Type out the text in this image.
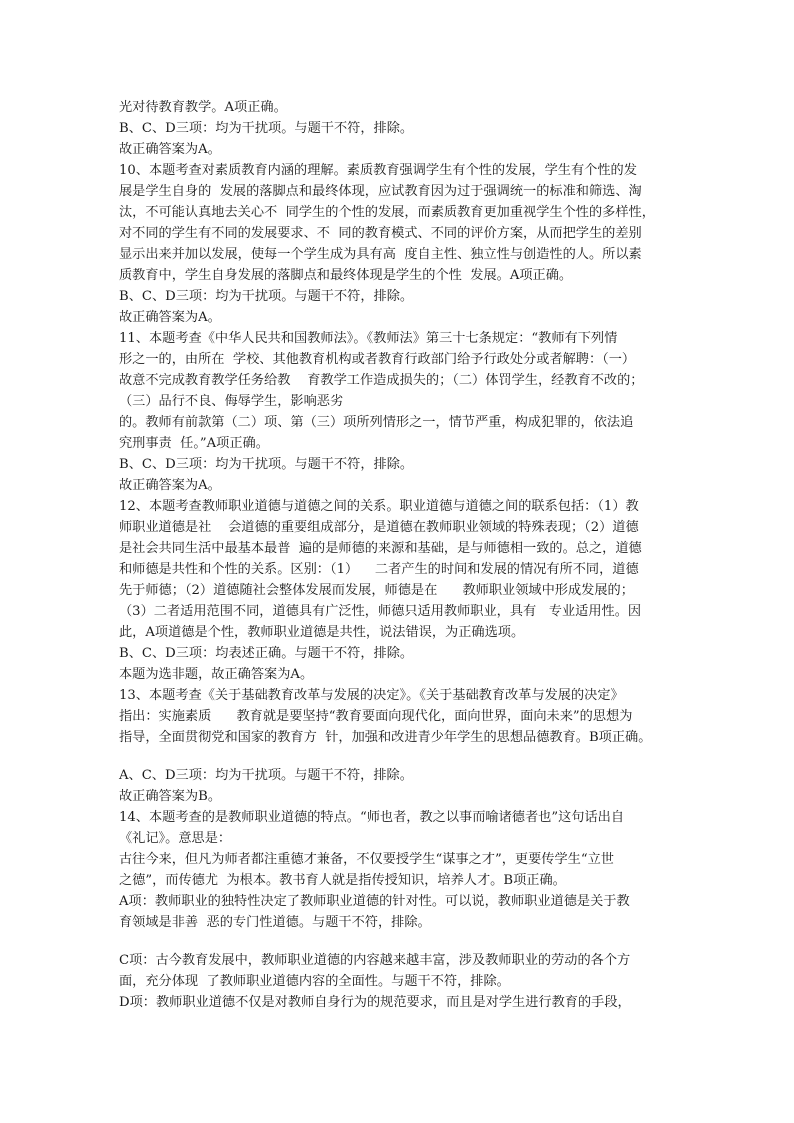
光对待教育教学。A项正确。
B、C、D三项：均为干扰项。与题干不符，排除。
故正确答案为A。
10、本题考查对素质教育内涵的理解。素质教育强调学生有个性的发展，学生有个性的发
展是学生自身的  发展的落脚点和最终体现，应试教育因为过于强调统一的标准和筛选、淘
汰，不可能认真地去关心不  同学生的个性的发展，而素质教育更加重视学生个性的多样性，
对不同的学生有不同的发展要求、不  同的教育模式、不同的评价方案，从而把学生的差别
显示出来并加以发展，使每一个学生成为具有高  度自主性、独立性与创造性的人。所以素
质教育中，学生自身发展的落脚点和最终体现是学生的个性  发展。A项正确。
B、C、D三项：均为干扰项。与题干不符，排除。
故正确答案为A。
11、本题考查《中华人民共和国教师法》。《教师法》第三十七条规定：“教师有下列情
形之一的，由所在  学校、其他教育机构或者教育行政部门给予行政处分或者解聘：（一）
故意不完成教育教学任务给教    育教学工作造成损失的；（二）体罚学生，经教育不改的；
（三）品行不良、侮辱学生，影响恶劣
的。教师有前款第（二）项、第（三）项所列情形之一，情节严重，构成犯罪的，依法追
究刑事责  任。”A项正确。
B、C、D三项：均为干扰项。与题干不符，排除。
故正确答案为A。
12、本题考查教师职业道德与道德之间的关系。职业道德与道德之间的联系包括：（1）教
师职业道德是社    会道德的重要组成部分，是道德在教师职业领域的特殊表现；（2）道德
是社会共同生活中最基本最普  遍的是师德的来源和基础，是与师德相一致的。总之，道德
和师德是共性和个性的关系。区别：（1）    二者产生的时间和发展的情况有所不同，道德
先于师德；（2）道德随社会整体发展而发展，师德是在      教师职业领域中形成发展的；
（3）二者适用范围不同，道德具有广泛性，师德只适用教师职业，具有   专业适用性。因
此，A项道德是个性，教师职业道德是共性，说法错误，为正确选项。
B、C、D三项：均表述正确。与题干不符，排除。
本题为选非题，故正确答案为A。
13、本题考查《关于基础教育改革与发展的决定》。《关于基础教育改革与发展的决定》
指出：实施素质      教育就是要坚持“教育要面向现代化，面向世界，面向未来”的思想为
指导，全面贯彻党和国家的教育方  针，加强和改进青少年学生的思想品德教育。B项正确。
A、C、D三项：均为干扰项。与题干不符，排除。
故正确答案为B。
14、本题考查的是教师职业道德的特点。“师也者，教之以事而喻诸德者也”这句话出自
《礼记》。意思是：
古往今来，但凡为师者都注重德才兼备，不仅要授学生“谋事之才”，更要传学生“立世
之德”，而传德尤  为根本。教书育人就是指传授知识，培养人才。B项正确。
A项：教师职业的独特性决定了教师职业道德的针对性。可以说，教师职业道德是关于教
育领域是非善  恶的专门性道德。与题干不符，排除。
C项：古今教育发展中，教师职业道德的内容越来越丰富，涉及教师职业的劳动的各个方
面，充分体现  了教师职业道德内容的全面性。与题干不符，排除。
D项：教师职业道德不仅是对教师自身行为的规范要求，而且是对学生进行教育的手段，
